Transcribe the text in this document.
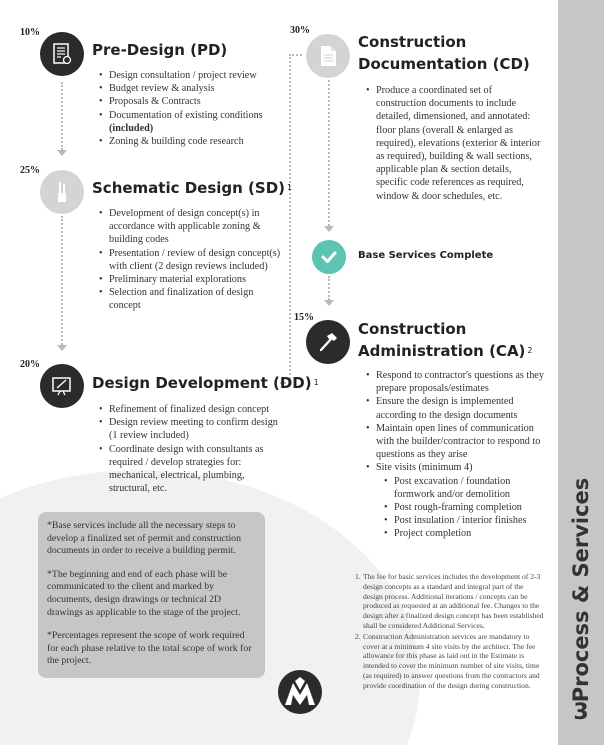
Process & Services
3
10%
Pre-Design (PD)
• Design consultation / project review
• Budget review & analysis
• Proposals & Contracts
• Documentation of existing conditions
(included)
• Zoning & building code research
25%
Schematic Design (SD) $^1$
• Development of design concept(s) in accordance with applicable zoning & building codes
• Presentation / review of design concept(s) with client (2 design reviews included)
• Preliminary material explorations
• Selection and finalization of design concept
20%
Design Development (DD) $^1$
• Refinement of finalized design concept
• Design review meeting to confirm design (1 review included)
• Coordinate design with consultants as required / develop strategies for: mechanical, electrical, plumbing, structural, etc.
30%
Construction
Documentation (CD)
• Produce a coordinated set of construction documents to include detailed, dimensioned, and annotated: floor plans (overall & enlarged as required), elevations (exterior & interior as required), building & wall sections, applicable plan & section details, specific code references as required, window & door schedules, etc.
Base Services Complete
15%
Construction
Administration (CA) $^2$
• Respond to contractor's questions as they prepare proposals/estimates
• Ensure the design is implemented according to the design documents
• Maintain open lines of communication with the builder/contractor to respond to questions as they arise
• Site visits (minimum 4)
• Post excavation / foundation formwork and/or demolition
• Post rough-framing completion
• Post insulation / interior finishes
• Project completion

*Base services include all the necessary steps to develop a finalized set of permit and construction documents in order to receive a building permit.

*The beginning and end of each phase will be communicated to the client and marked by documents, design drawings or technical 2D drawings as applicable to the stage of the project.

*Percentages represent the scope of work required for each phase relative to the total scope of work for the project.

1. The fee for basic services includes the development of 2-3 design concepts as a standard and integral part of the design process. Additional iterations / concepts can be produced as requested at an additional fee. Changes to the design after a finalized design concept has been established shall be considered Additional Services.
2. Construction Administration services are mandatory to cover at a minimum 4 site visits by the architect. The fee allowance for this phase as laid out in the Estimate is intended to cover the minimum number of site visits, time (as required) to answer questions from the contractors and provide coordination of the design during construction.
